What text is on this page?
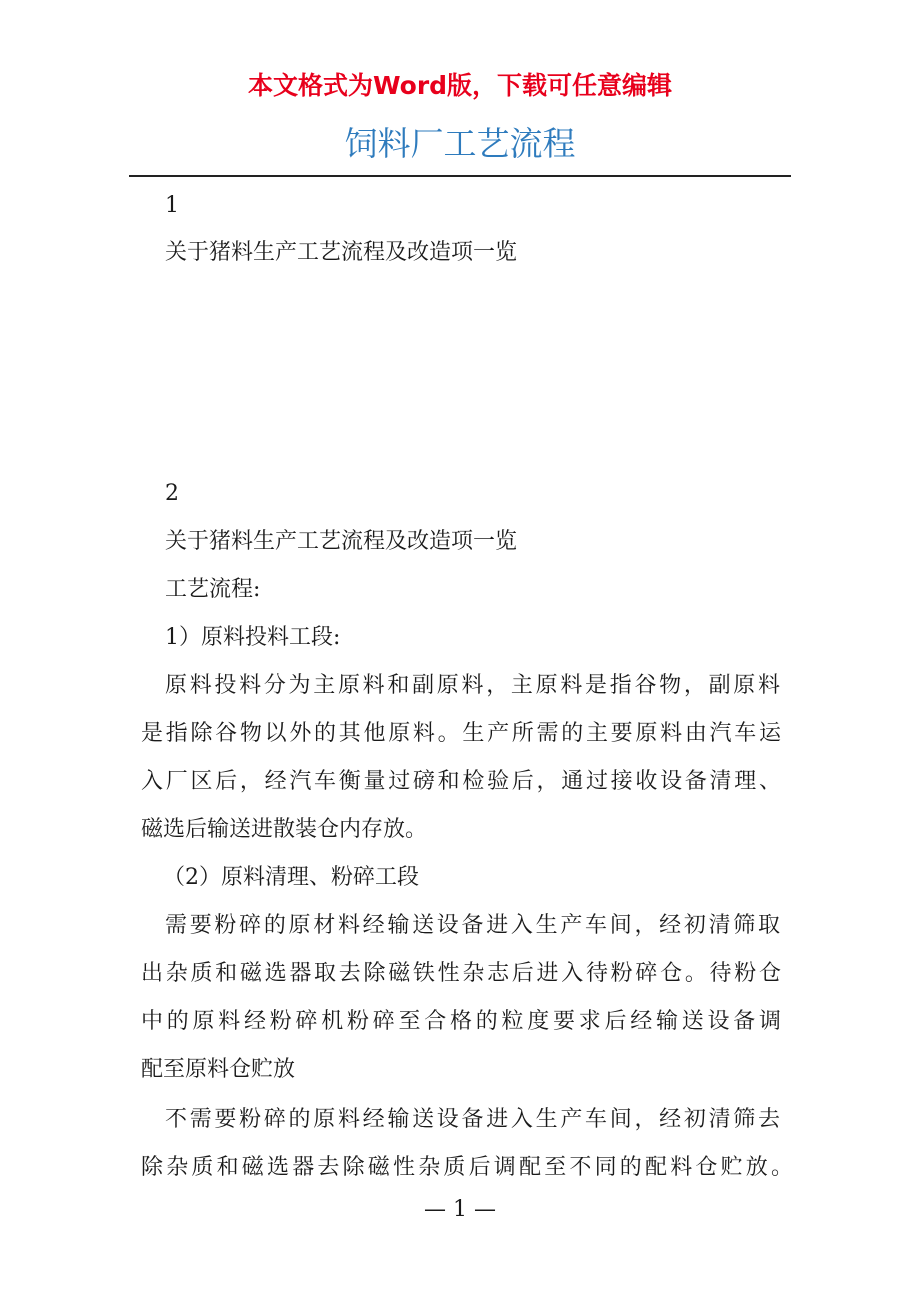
本文格式为Word版，下载可任意编辑
饲料厂工艺流程
1
关于猪料生产工艺流程及改造项一览
2
关于猪料生产工艺流程及改造项一览
工艺流程:
1）原料投料工段:
原料投料分为主原料和副原料，主原料是指谷物，副原料
是指除谷物以外的其他原料。生产所需的主要原料由汽车运
入厂区后，经汽车衡量过磅和检验后，通过接收设备清理、
磁选后输送进散装仓内存放。
（2）原料清理、粉碎工段
需要粉碎的原材料经输送设备进入生产车间，经初清筛取
出杂质和磁选器取去除磁铁性杂志后进入待粉碎仓。待粉仓
中的原料经粉碎机粉碎至合格的粒度要求后经输送设备调
配至原料仓贮放
不需要粉碎的原料经输送设备进入生产车间，经初清筛去
除杂质和磁选器去除磁性杂质后调配至不同的配料仓贮放。
— 1 —
